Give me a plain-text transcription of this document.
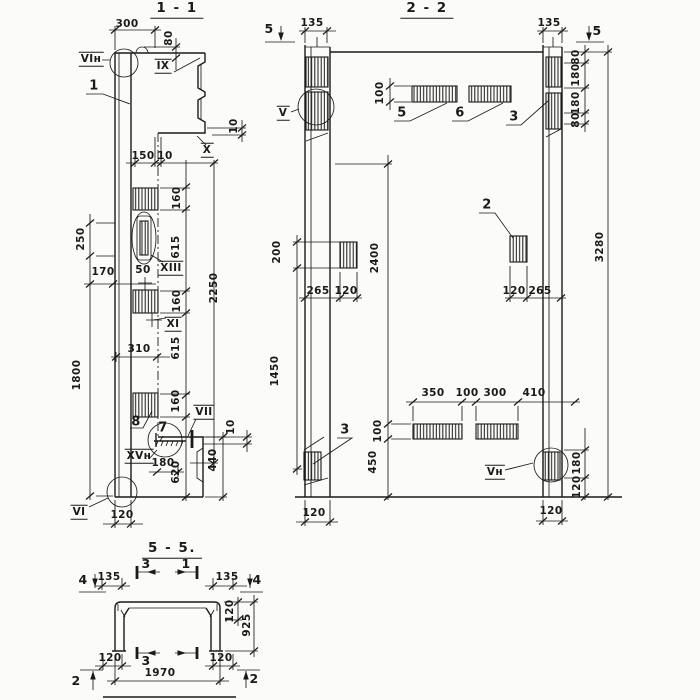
1 - 1	2 - 2
5 - 5.
300
80
VIн
1
IX
10
X
150 10
160
615
250
170 50 XIII
160 2250
XI
310 615
1800
160
8 7
VII
10
XVн
180
620
440
VI 120
5	135	135	5
80
180
180
80
100
5	6	3
V
200	2400	3280
2
265 120	120 265
1450
350 100 300 410
100
3
450	Vн	180
120
120	120
4 135
3 1
135 4
120
925
120 3	120
1970
2	2
